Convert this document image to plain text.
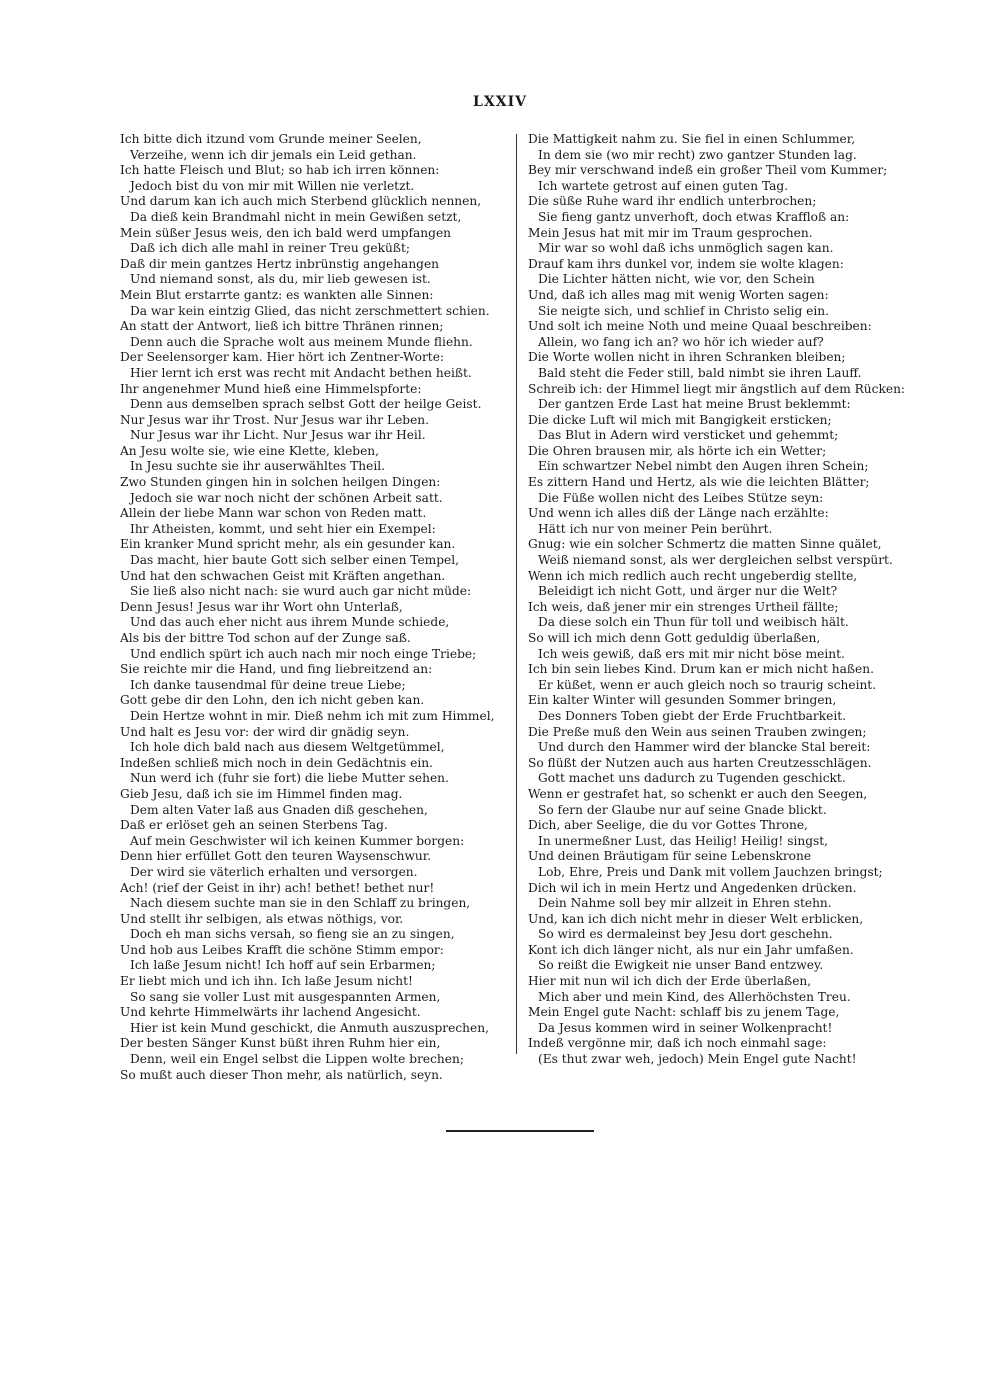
LXXIV
Ich bitte dich itzund vom Grunde meiner Seelen,
Verzeihe, wenn ich dir jemals ein Leid gethan.
Ich hatte Fleisch und Blut; so hab ich irren können:
Jedoch bist du von mir mit Willen nie verletzt.
Und darum kan ich auch mich Sterbend glücklich nennen,
Da dieß kein Brandmahl nicht in mein Gewißen setzt,
Mein süßer Jesus weis, den ich bald werd umpfangen
Daß ich dich alle mahl in reiner Treu geküßt;
Daß dir mein gantzes Hertz inbrünstig angehangen
Und niemand sonst, als du, mir lieb gewesen ist.
Mein Blut erstarrte gantz: es wankten alle Sinnen:
Da war kein eintzig Glied, das nicht zerschmettert schien.
An statt der Antwort, ließ ich bittre Thränen rinnen;
Denn auch die Sprache wolt aus meinem Munde fliehn.
Der Seelensorger kam. Hier hört ich Zentner-Worte:
Hier lernt ich erst was recht mit Andacht bethen heißt.
Ihr angenehmer Mund hieß eine Himmelspforte:
Denn aus demselben sprach selbst Gott der heilge Geist.
Nur Jesus war ihr Trost. Nur Jesus war ihr Leben.
Nur Jesus war ihr Licht. Nur Jesus war ihr Heil.
An Jesu wolte sie, wie eine Klette, kleben,
In Jesu suchte sie ihr auserwähltes Theil.
Zwo Stunden gingen hin in solchen heilgen Dingen:
Jedoch sie war noch nicht der schönen Arbeit satt.
Allein der liebe Mann war schon von Reden matt.
Ihr Atheisten, kommt, und seht hier ein Exempel:
Ein kranker Mund spricht mehr, als ein gesunder kan.
Das macht, hier baute Gott sich selber einen Tempel,
Und hat den schwachen Geist mit Kräften angethan.
Sie ließ also nicht nach: sie wurd auch gar nicht müde:
Denn Jesus! Jesus war ihr Wort ohn Unterlaß,
Und das auch eher nicht aus ihrem Munde schiede,
Als bis der bittre Tod schon auf der Zunge saß.
Und endlich spürt ich auch nach mir noch einge Triebe;
Sie reichte mir die Hand, und fing liebreitzend an:
Ich danke tausendmal für deine treue Liebe;
Gott gebe dir den Lohn, den ich nicht geben kan.
Dein Hertze wohnt in mir. Dieß nehm ich mit zum Himmel,
Und halt es Jesu vor: der wird dir gnädig seyn.
Ich hole dich bald nach aus diesem Weltgetümmel,
Indeßen schließ mich noch in dein Gedächtnis ein.
Nun werd ich (fuhr sie fort) die liebe Mutter sehen.
Gieb Jesu, daß ich sie im Himmel finden mag.
Dem alten Vater laß aus Gnaden diß geschehen,
Daß er erlöset geh an seinen Sterbens Tag.
Auf mein Geschwister wil ich keinen Kummer borgen:
Denn hier erfüllet Gott den teuren Waysenschwur.
Der wird sie väterlich erhalten und versorgen.
Ach! (rief der Geist in ihr) ach! bethet! bethet nur!
Nach diesem suchte man sie in den Schlaff zu bringen,
Und stellt ihr selbigen, als etwas nöthigs, vor.
Doch eh man sichs versah, so fieng sie an zu singen,
Und hob aus Leibes Krafft die schöne Stimm empor:
Ich laße Jesum nicht! Ich hoff auf sein Erbarmen;
Er liebt mich und ich ihn. Ich laße Jesum nicht!
So sang sie voller Lust mit ausgespannten Armen,
Und kehrte Himmelwärts ihr lachend Angesicht.
Hier ist kein Mund geschickt, die Anmuth auszusprechen,
Der besten Sänger Kunst büßt ihren Ruhm hier ein,
Denn, weil ein Engel selbst die Lippen wolte brechen;
So mußt auch dieser Thon mehr, als natürlich, seyn.
Die Mattigkeit nahm zu. Sie fiel in einen Schlummer,
In dem sie (wo mir recht) zwo gantzer Stunden lag.
Bey mir verschwand indeß ein großer Theil vom Kummer;
Ich wartete getrost auf einen guten Tag.
Die süße Ruhe ward ihr endlich unterbrochen;
Sie fieng gantz unverhoft, doch etwas Kraffloß an:
Mein Jesus hat mit mir im Traum gesprochen.
Mir war so wohl daß ichs unmöglich sagen kan.
Drauf kam ihrs dunkel vor, indem sie wolte klagen:
Die Lichter hätten nicht, wie vor, den Schein
Und, daß ich alles mag mit wenig Worten sagen:
Sie neigte sich, und schlief in Christo selig ein.
Und solt ich meine Noth und meine Quaal beschreiben:
Allein, wo fang ich an? wo hör ich wieder auf?
Die Worte wollen nicht in ihren Schranken bleiben;
Bald steht die Feder still, bald nimbt sie ihren Lauff.
Schreib ich: der Himmel liegt mir ängstlich auf dem Rücken:
Der gantzen Erde Last hat meine Brust beklemmt:
Die dicke Luft wil mich mit Bangigkeit ersticken;
Das Blut in Adern wird versticket und gehemmt;
Die Ohren brausen mir, als hörte ich ein Wetter;
Ein schwartzer Nebel nimbt den Augen ihren Schein;
Es zittern Hand und Hertz, als wie die leichten Blätter;
Die Füße wollen nicht des Leibes Stütze seyn:
Und wenn ich alles diß der Länge nach erzählte:
Hätt ich nur von meiner Pein berührt.
Gnug: wie ein solcher Schmertz die matten Sinne quälet,
Weiß niemand sonst, als wer dergleichen selbst verspürt.
Wenn ich mich redlich auch recht ungeberdig stellte,
Beleidigt ich nicht Gott, und ärger nur die Welt?
Ich weis, daß jener mir ein strenges Urtheil fällte;
Da diese solch ein Thun für toll und weibisch hält.
So will ich mich denn Gott geduldig überlaßen,
Ich weis gewiß, daß ers mit mir nicht böse meint.
Ich bin sein liebes Kind. Drum kan er mich nicht haßen.
Er küßet, wenn er auch gleich noch so traurig scheint.
Ein kalter Winter will gesunden Sommer bringen,
Des Donners Toben giebt der Erde Fruchtbarkeit.
Die Preße muß den Wein aus seinen Trauben zwingen;
Und durch den Hammer wird der blancke Stal bereit:
So flüßt der Nutzen auch aus harten Creutzesschlägen.
Gott machet uns dadurch zu Tugenden geschickt.
Wenn er gestrafet hat, so schenkt er auch den Seegen,
So fern der Glaube nur auf seine Gnade blickt.
Dich, aber Seelige, die du vor Gottes Throne,
In unermeßner Lust, das Heilig! Heilig! singst,
Und deinen Bräutigam für seine Lebenskrone
Lob, Ehre, Preis und Dank mit vollem Jauchzen bringst;
Dich wil ich in mein Hertz und Angedenken drücken.
Dein Nahme soll bey mir allzeit in Ehren stehn.
Und, kan ich dich nicht mehr in dieser Welt erblicken,
So wird es dermaleinst bey Jesu dort geschehn.
Kont ich dich länger nicht, als nur ein Jahr umfaßen.
So reißt die Ewigkeit nie unser Band entzwey.
Hier mit nun wil ich dich der Erde überlaßen,
Mich aber und mein Kind, des Allerhöchsten Treu.
Mein Engel gute Nacht: schlaff bis zu jenem Tage,
Da Jesus kommen wird in seiner Wolkenpracht!
Indeß vergönne mir, daß ich noch einmahl sage:
(Es thut zwar weh, jedoch) Mein Engel gute Nacht!
